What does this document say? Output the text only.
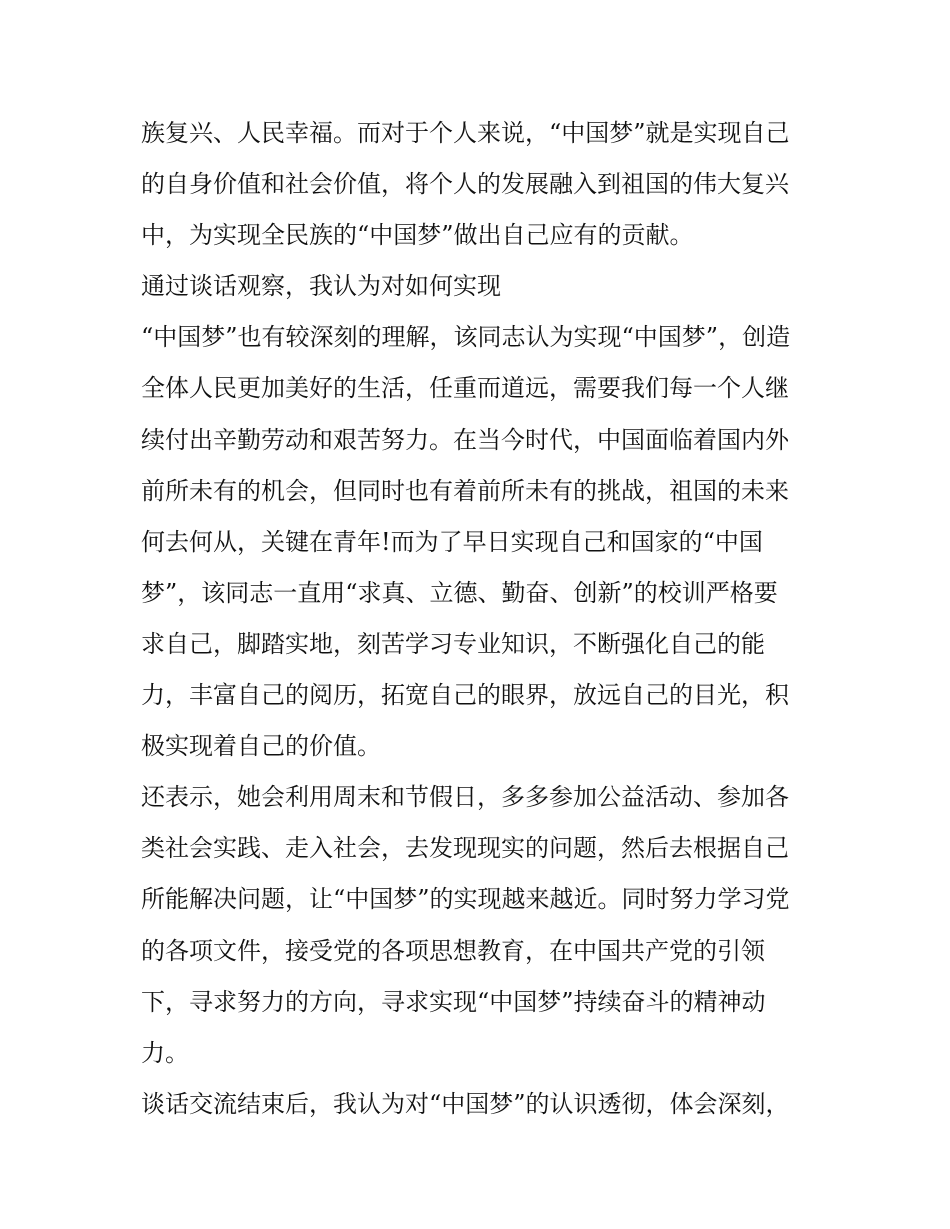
族复兴、人民幸福。而对于个人来说，“中国梦”就是实现自己
的自身价值和社会价值，将个人的发展融入到祖国的伟大复兴
中，为实现全民族的“中国梦”做出自己应有的贡献。
通过谈话观察，我认为对如何实现
“中国梦”也有较深刻的理解，该同志认为实现“中国梦”，创造
全体人民更加美好的生活，任重而道远，需要我们每一个人继
续付出辛勤劳动和艰苦努力。在当今时代，中国面临着国内外
前所未有的机会，但同时也有着前所未有的挑战，祖国的未来
何去何从，关键在青年!而为了早日实现自己和国家的“中国
梦”，该同志一直用“求真、立德、勤奋、创新”的校训严格要
求自己，脚踏实地，刻苦学习专业知识，不断强化自己的能
力，丰富自己的阅历，拓宽自己的眼界，放远自己的目光，积
极实现着自己的价值。
还表示，她会利用周末和节假日，多多参加公益活动、参加各
类社会实践、走入社会，去发现现实的问题，然后去根据自己
所能解决问题，让“中国梦”的实现越来越近。同时努力学习党
的各项文件，接受党的各项思想教育，在中国共产党的引领
下，寻求努力的方向，寻求实现“中国梦”持续奋斗的精神动
力。
谈话交流结束后，我认为对“中国梦”的认识透彻，体会深刻，
